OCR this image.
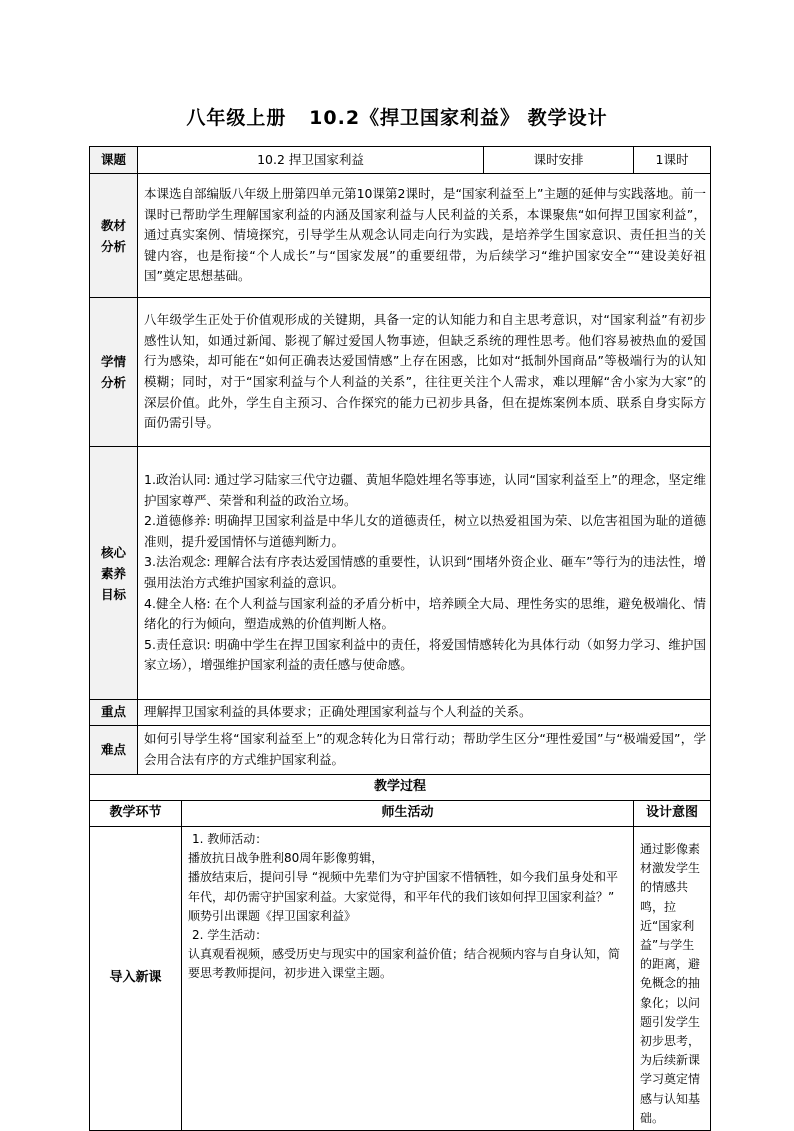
八年级上册   10.2《捍卫国家利益》 教学设计
课题	10.2 捍卫国家利益		课时安排	1课时
教材分析	本课选自部编版八年级上册第四单元第10课第2课时，是“国家利益至上”主题的延伸与实践落地。前一课时已帮助学生理解国家利益的内涵及国家利益与人民利益的关系，本课聚焦“如何捍卫国家利益”，通过真实案例、情境探究，引导学生从观念认同走向行为实践，是培养学生国家意识、责任担当的关键内容，也是衔接“个人成长”与“国家发展”的重要纽带，为后续学习“维护国家安全”“建设美好祖国”奠定思想基础。			
学情分析	八年级学生正处于价值观形成的关键期，具备一定的认知能力和自主思考意识，对“国家利益”有初步感性认知，如通过新闻、影视了解过爱国人物事迹，但缺乏系统的理性思考。他们容易被热血的爱国行为感染，却可能在“如何正确表达爱国情感”上存在困惑，比如对“抵制外国商品”等极端行为的认知模糊；同时，对于“国家利益与个人利益的关系”，往往更关注个人需求，难以理解“舍小家为大家”的深层价值。此外，学生自主预习、合作探究的能力已初步具备，但在提炼案例本质、联系自身实际方面仍需引导。			
核心素养目标	1.政治认同: 通过学习陆家三代守边疆、黄旭华隐姓埋名等事迹，认同“国家利益至上”的理念，坚定维护国家尊严、荣誉和利益的政治立场。
2.道德修养: 明确捍卫国家利益是中华儿女的道德责任，树立以热爱祖国为荣、以危害祖国为耻的道德准则，提升爱国情怀与道德判断力。
3.法治观念: 理解合法有序表达爱国情感的重要性，认识到“围堵外资企业、砸车”等行为的违法性，增强用法治方式维护国家利益的意识。
4.健全人格: 在个人利益与国家利益的矛盾分析中，培养顾全大局、理性务实的思维，避免极端化、情绪化的行为倾向，塑造成熟的价值判断人格。
5.责任意识: 明确中学生在捍卫国家利益中的责任，将爱国情感转化为具体行动（如努力学习、维护国家立场），增强维护国家利益的责任感与使命感。			

重点	理解捍卫国家利益的具体要求；正确处理国家利益与个人利益的关系。			
难点	如何引导学生将“国家利益至上”的观念转化为日常行动；帮助学生区分“理性爱国”与“极端爱国”，学会用合法有序的方式维护国家利益。			
教学过程				
教学环节		师生活动		设计意图
导入新课		1. 教师活动：
播放抗日战争胜利80周年影像剪辑，
播放结束后，提问引导 “视频中先辈们为守护国家不惜牺牲，如今我们虽身处和平年代，却仍需守护国家利益。大家觉得，和平年代的我们该如何捍卫国家利益？” 顺势引出课题《捍卫国家利益》
2. 学生活动：
认真观看视频，感受历史与现实中的国家利益价值；结合视频内容与自身认知，简要思考教师提问，初步进入课堂主题。		通过影像素材激发学生的情感共鸣，拉近“国家利益”与学生的距离，避免概念的抽象化；以问题引发学生初步思考，为后续新课学习奠定情感与认知基础。
